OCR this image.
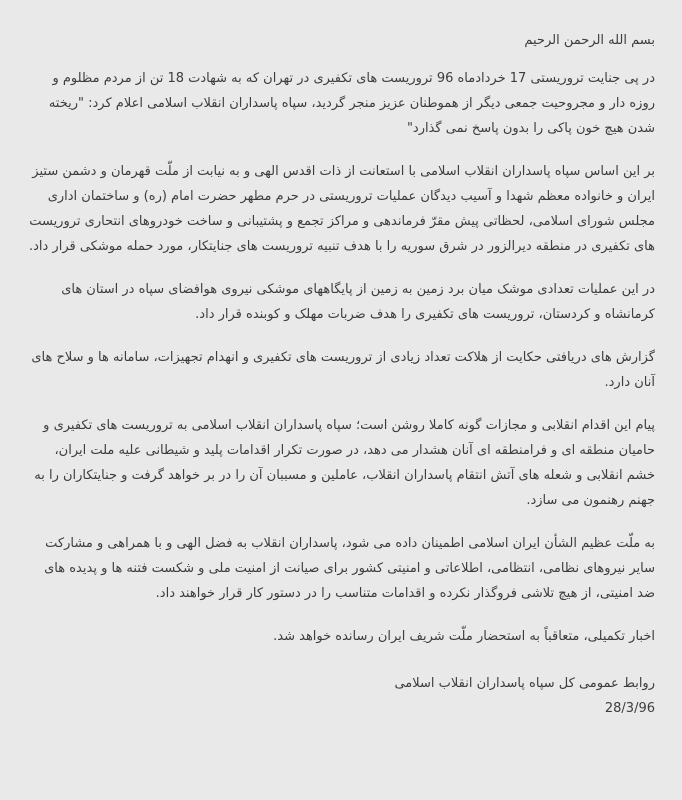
بسم الله الرحمن الرحيم

در پی جنایت تروریستی 17 خردادماه 96 تروریست های تکفیری در تهران که به شهادت 18 تن از مردم مظلوم و روزه دار و مجروحیت جمعی دیگر از هموطنان عزیز منجر گردید، سپاه پاسداران انقلاب اسلامی اعلام کرد: "ریخته شدن هیچ خون پاکی را بدون پاسخ نمی گذارد"

بر این اساس سپاه پاسداران انقلاب اسلامی با استعانت از ذات اقدس الهی و به نیابت از ملّت قهرمان و دشمن ستیز ایران و خانواده معظم شهدا و آسیب دیدگان عملیات تروریستی در حرم مطهر حضرت امام (ره) و ساختمان اداری مجلس شورای اسلامی، لحظاتی پیش مقرّ فرماندهی و مراکز تجمع و پشتیبانی و ساخت خودروهای انتحاری تروریست های تکفیری در منطقه دیرالزور در شرق سوریه را با هدف تنبیه تروریست های جنایتکار، مورد حمله موشکی قرار داد.

در این عملیات تعدادی موشک میان برد زمین به زمین از پایگاههای موشکی نیروی هوافضای سپاه در استان های کرمانشاه و کردستان، تروریست های تکفیری را هدف ضربات مهلک و کوبنده قرار داد.

گزارش های دریافتی حکایت از هلاکت تعداد زیادی از تروریست های تکفیری و انهدام تجهیزات، سامانه ها و سلاح های آنان دارد.

پیام این اقدام انقلابی و مجازات گونه کاملا روشن است؛ سپاه پاسداران انقلاب اسلامی به تروریست های تکفیری و حامیان منطقه ای و فرامنطقه ای آنان هشدار می دهد، در صورت تکرار اقدامات پلید و شیطانی علیه ملت ایران، خشم انقلابی و شعله های آتش انتقام پاسداران انقلاب، عاملین و مسببان آن را در بر خواهد گرفت و جنایتکاران را به جهنم رهنمون می سازد.

به ملّت عظیم الشأن ایران اسلامی اطمینان داده می شود، پاسداران انقلاب به فضل الهی و با همراهی و مشارکت سایر نیروهای نظامی، انتظامی، اطلاعاتی و امنیتی کشور برای صیانت از امنیت ملی و شکست فتنه ها و پدیده های ضد امنیتی، از هیچ تلاشی فروگذار نکرده و اقدامات متناسب را در دستور کار قرار خواهند داد.

اخبار تکمیلی، متعاقباً به استحضار ملّت شریف ایران رسانده خواهد شد.

روابط عمومی کل سپاه پاسداران انقلاب اسلامی
28/3/96
